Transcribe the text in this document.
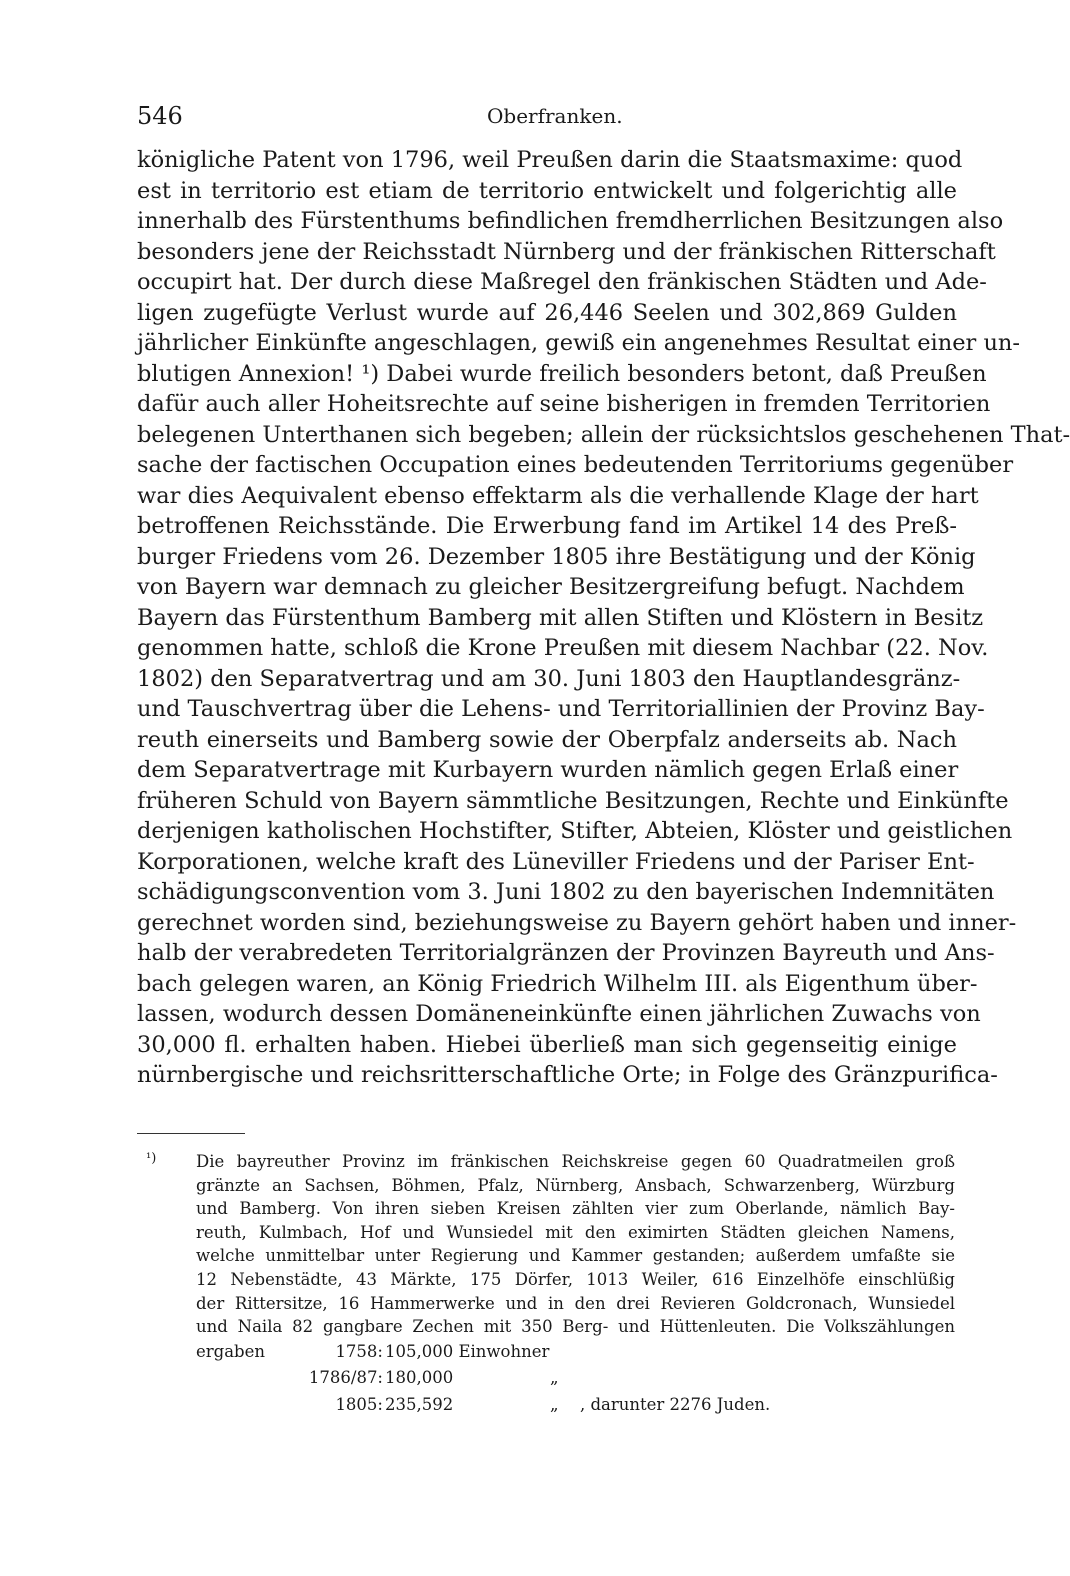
546	Oberfranken.
königliche Patent von 1796, weil Preußen darin die Staatsmaxime: quod
est in territorio est etiam de territorio entwickelt und folgerichtig alle
innerhalb des Fürstenthums befindlichen fremdherrlichen Besitzungen also
besonders jene der Reichsstadt Nürnberg und der fränkischen Ritterschaft
occupirt hat. Der durch diese Maßregel den fränkischen Städten und Ade-
ligen zugefügte Verlust wurde auf 26,446 Seelen und 302,869 Gulden
jährlicher Einkünfte angeschlagen, gewiß ein angenehmes Resultat einer un-
blutigen Annexion! ¹) Dabei wurde freilich besonders betont, daß Preußen
dafür auch aller Hoheitsrechte auf seine bisherigen in fremden Territorien
belegenen Unterthanen sich begeben; allein der rücksichtslos geschehenen That-
sache der factischen Occupation eines bedeutenden Territoriums gegenüber
war dies Aequivalent ebenso effektarm als die verhallende Klage der hart
betroffenen Reichsstände. Die Erwerbung fand im Artikel 14 des Preß-
burger Friedens vom 26. Dezember 1805 ihre Bestätigung und der König
von Bayern war demnach zu gleicher Besitzergreifung befugt. Nachdem
Bayern das Fürstenthum Bamberg mit allen Stiften und Klöstern in Besitz
genommen hatte, schloß die Krone Preußen mit diesem Nachbar (22. Nov.
1802) den Separatvertrag und am 30. Juni 1803 den Hauptlandesgränz-
und Tauschvertrag über die Lehens- und Territoriallinien der Provinz Bay-
reuth einerseits und Bamberg sowie der Oberpfalz anderseits ab. Nach
dem Separatvertrage mit Kurbayern wurden nämlich gegen Erlaß einer
früheren Schuld von Bayern sämmtliche Besitzungen, Rechte und Einkünfte
derjenigen katholischen Hochstifter, Stifter, Abteien, Klöster und geistlichen
Korporationen, welche kraft des Lüneviller Friedens und der Pariser Ent-
schädigungsconvention vom 3. Juni 1802 zu den bayerischen Indemnitäten
gerechnet worden sind, beziehungsweise zu Bayern gehört haben und inner-
halb der verabredeten Territorialgränzen der Provinzen Bayreuth und Ans-
bach gelegen waren, an König Friedrich Wilhelm III. als Eigenthum über-
lassen, wodurch dessen Domäneneinkünfte einen jährlichen Zuwachs von
30,000 fl. erhalten haben. Hiebei überließ man sich gegenseitig einige
nürnbergische und reichsritterschaftliche Orte; in Folge des Gränzpurifica-
¹)	Die bayreuther Provinz im fränkischen Reichskreise gegen 60 Quadratmeilen groß
gränzte an Sachsen, Böhmen, Pfalz, Nürnberg, Ansbach, Schwarzenberg, Würzburg
und Bamberg. Von ihren sieben Kreisen zählten vier zum Oberlande, nämlich Bay-
reuth, Kulmbach, Hof und Wunsiedel mit den eximirten Städten gleichen Namens,
welche unmittelbar unter Regierung und Kammer gestanden; außerdem umfaßte sie
12 Nebenstädte, 43 Märkte, 175 Dörfer, 1013 Weiler, 616 Einzelhöfe einschlüßig
der Rittersitze, 16 Hammerwerke und in den drei Revieren Goldcronach, Wunsiedel
und Naila 82 gangbare Zechen mit 350 Berg- und Hüttenleuten. Die Volkszählungen
ergaben	1758: 105,000 Einwohner
1786/87: 180,000	„
1805: 235,592	„ , darunter 2276 Juden.
